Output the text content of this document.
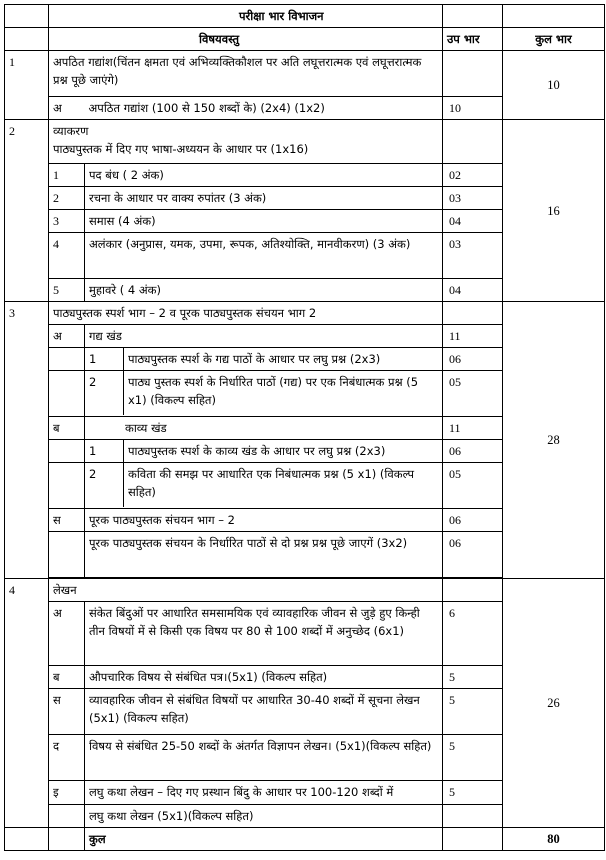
	परीक्षा भार विभाजन			
	विषयवस्तु		उप भार	कुल भार
1	अपठित गद्यांश(चिंतन क्षमता एवं अभिव्यक्तिकौशल पर अति लघूत्तरात्मक एवं लघूत्तरात्मक प्रश्न पूछे जाएंगे)			10
	अ	अपठित गद्यांश (100 से 150 शब्दों के) (2x4) (1x2)	10	
2	व्याकरण
पाठ्यपुस्तक में दिए गए भाषा-अध्ययन के आधार पर (1x16)			16
	1	पद बंध ( 2 अंक)	02	
	2	रचना के आधार पर वाक्य रुपांतर (3 अंक)	03	
	3	समास (4 अंक)	04	
	4	अलंकार (अनुप्रास, यमक, उपमा, रूपक, अतिश्योक्ति, मानवीकरण) (3 अंक)	03	
	5	मुहावरे ( 4 अंक)	04	
3	पाठ्यपुस्तक स्पर्श भाग – 2 व पूरक पाठ्यपुस्तक संचयन भाग 2			28
	अ	गद्य खंड	11	

		1 पाठ्यपुस्तक स्पर्श के गद्य पाठों के आधार पर लघु प्रश्न (2x3)	06	

		2 पाठ्य पुस्तक स्पर्श के निर्धारित पाठों (गद्य) पर एक निबंधात्मक प्रश्न (5 x1) (विकल्प सहित)	05	
	ब	काव्य खंड	11	

		1 पाठ्यपुस्तक स्पर्श के काव्य खंड के आधार पर लघु प्रश्न (2x3)	06	

		2 कविता की समझ पर आधारित एक निबंधात्मक प्रश्न (5 x1) (विकल्प सहित)	05	
	स	पूरक पाठ्यपुस्तक संचयन भाग – 2	06	
		पूरक पाठ्यपुस्तक संचयन के निर्धारित पाठों से दो प्रश्न प्रश्न पूछे जाएगें (3x2)	06	

4	लेखन			26
	अ	संकेत बिंदुओं पर आधारित समसामयिक एवं व्यावहारिक जीवन से जुड़े हुए किन्ही तीन विषयों में से किसी एक विषय पर 80 से 100 शब्दों में अनुच्छेद (6x1)	6	
	ब	औपचारिक विषय से संबंधित पत्र।(5x1) (विकल्प सहित)	5	
	स	व्यावहारिक जीवन से संबंधित विषयों पर आधारित 30-40 शब्दों में सूचना लेखन (5x1) (विकल्प सहित)	5	
	द	विषय से संबंधित 25-50 शब्दों के अंतर्गत विज्ञापन लेखन। (5x1)(विकल्प सहित)	5	
	इ	लघु कथा लेखन – दिए गए प्रस्थान बिंदु के आधार पर 100-120 शब्दों में	5	
		लघु कथा लेखन (5x1)(विकल्प सहित)		
		कुल		80
